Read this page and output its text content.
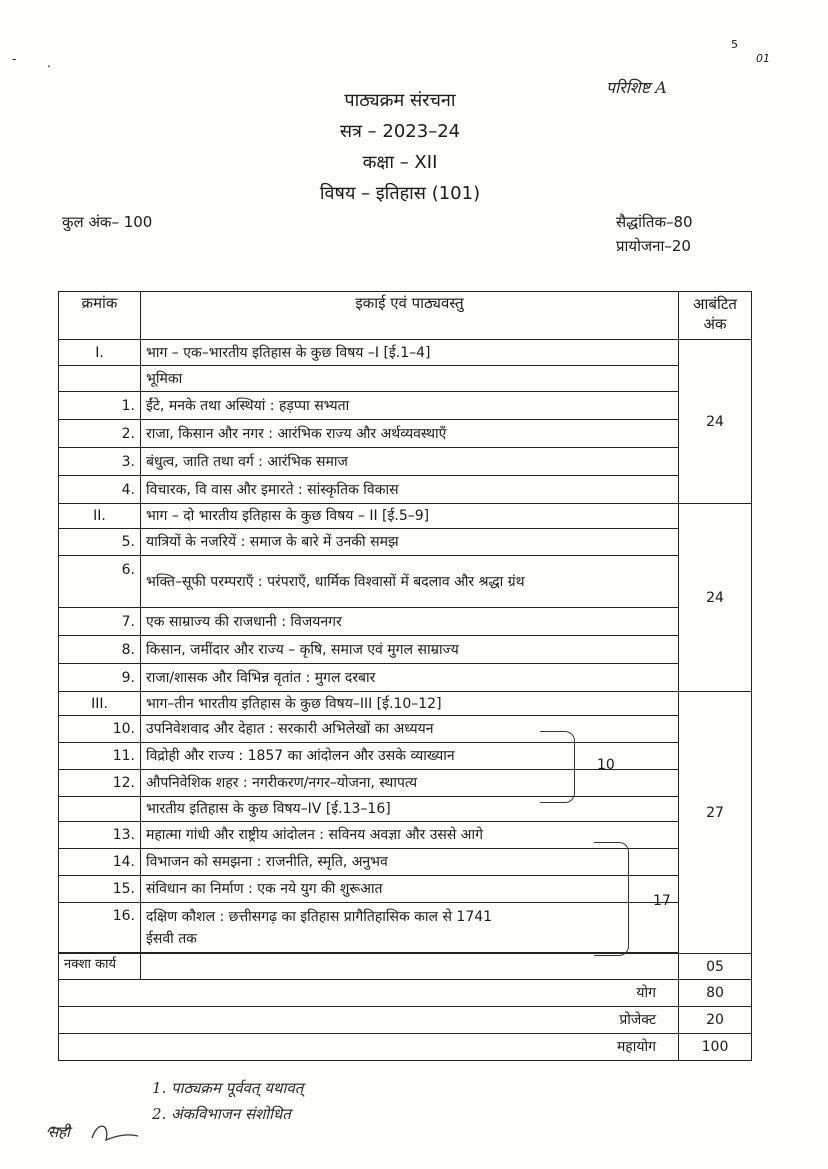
5
01
-	.
परिशिष्ट A
पाठ्यक्रम संरचना
सत्र – 2023–24
कक्षा – XII
विषय – इतिहास (101)
कुल अंक– 100	सैद्धांतिक–80
प्रायोजना–20
क्रमांक	इकाई एवं पाठ्यवस्तु	आबंटित
अंक
I.	भाग – एक–भारतीय इतिहास के कुछ विषय –I [ई.1–4]	24
	भूमिका	
1.	ईंटे, मनके तथा अस्थियां : हड़प्पा सभ्यता	
2.	राजा, किसान और नगर : आरंभिक राज्य और अर्थव्यवस्थाएँ	
3.	बंधुत्व, जाति तथा वर्ग : आरंभिक समाज	
4.	विचारक, वि वास और इमारते : सांस्कृतिक विकास	
II.	भाग – दो भारतीय इतिहास के कुछ विषय – II [ई.5–9]	24
5.	यात्रियों के नजरियें : समाज के बारे में उनकी समझ	
6.	भक्ति–सूफी परम्पराएँ : परंपराएँ, धार्मिक विश्वासों में बदलाव और श्रद्धा ग्रंथ	
7.	एक साम्राज्य की राजधानी : विजयनगर	
8.	किसान, जमींदार और राज्य – कृषि, समाज एवं मुगल साम्राज्य	
9.	राजा/शासक और विभिन्न वृतांत : मुगल दरबार	
III.	भाग–तीन भारतीय इतिहास के कुछ विषय–III [ई.10–12]	27
10.	उपनिवेशवाद और देहात : सरकारी अभिलेखों का अध्ययन	
11.	विद्रोही और राज्य : 1857 का आंदोलन और उसके व्याख्यान	
12.	औपनिवेशिक शहर : नगरीकरण/नगर–योजना, स्थापत्य	
	भारतीय इतिहास के कुछ विषय–IV [ई.13–16]	
13.	महात्मा गांधी और राष्ट्रीय आंदोलन : सविनय अवज्ञा और उससे आगे	
14.	विभाजन को समझना : राजनीति, स्मृति, अनुभव	
15.	संविधान का निर्माण : एक नये युग की शुरूआत	
16.	दक्षिण कौशल : छत्तीसगढ़ का इतिहास प्रागैतिहासिक काल से 1741 ईसवी तक	

नक्शा कार्य		05
योग		80
प्रोजेक्ट		20
महायोग		100
10
17
1. पाठ्यक्रम पूर्ववत् यथावत्
2. अंकविभाजन संशोधित
सही
